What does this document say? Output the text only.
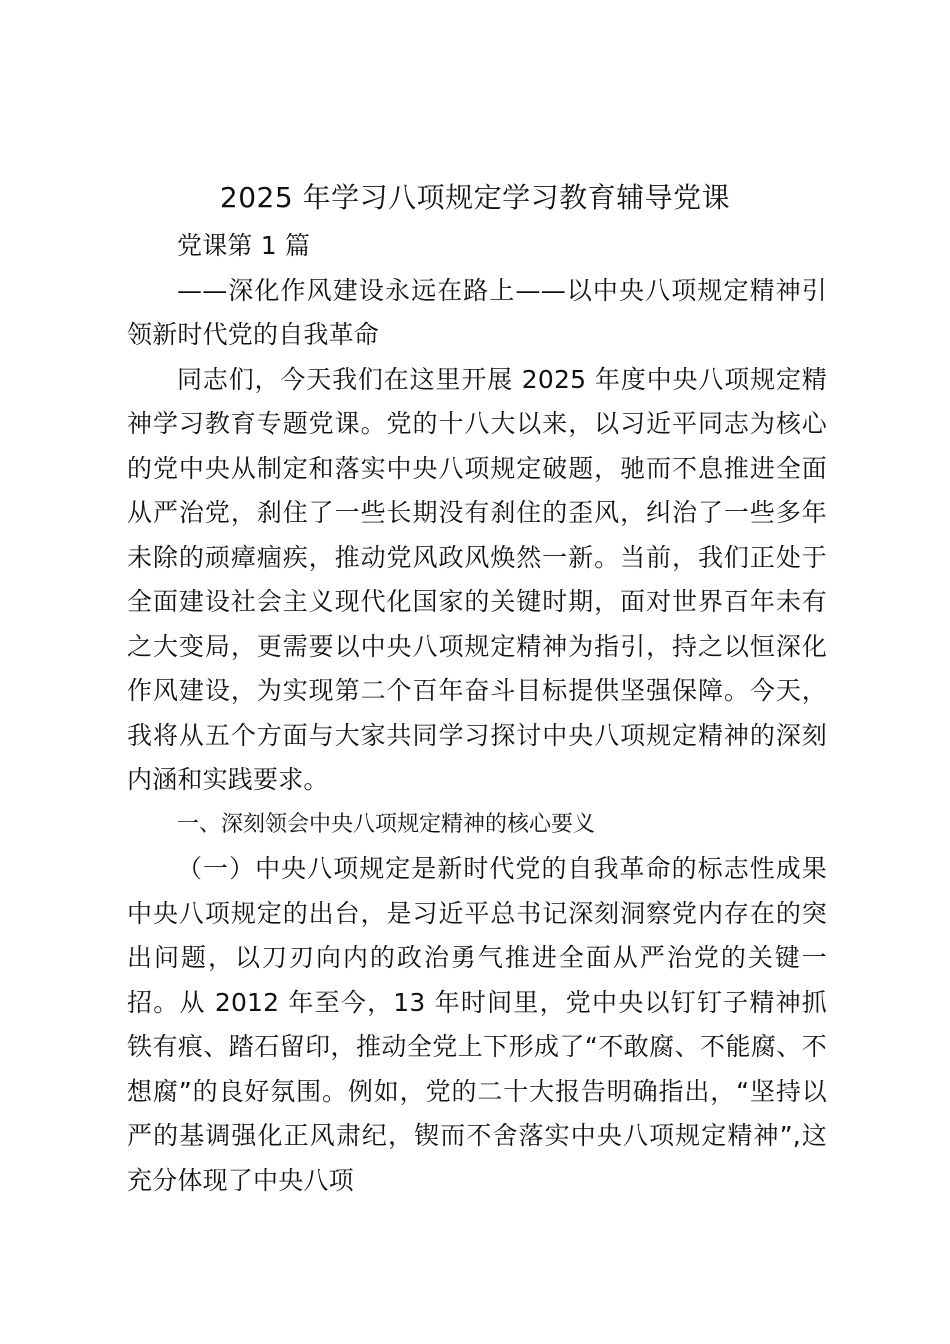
2025 年学习八项规定学习教育辅导党课

党课第 1 篇

——深化作风建设永远在路上——以中央八项规定精神引领新时代党的自我革命

同志们，今天我们在这里开展 2025 年度中央八项规定精神学习教育专题党课。党的十八大以来，以习近平同志为核心的党中央从制定和落实中央八项规定破题，驰而不息推进全面从严治党，刹住了一些长期没有刹住的歪风，纠治了一些多年未除的顽瘴痼疾，推动党风政风焕然一新。当前，我们正处于全面建设社会主义现代化国家的关键时期，面对世界百年未有之大变局，更需要以中央八项规定精神为指引，持之以恒深化作风建设，为实现第二个百年奋斗目标提供坚强保障。今天，我将从五个方面与大家共同学习探讨中央八项规定精神的深刻内涵和实践要求。

一、深刻领会中央八项规定精神的核心要义

（一）中央八项规定是新时代党的自我革命的标志性成果中央八项规定的出台，是习近平总书记深刻洞察党内存在的突出问题，以刀刃向内的政治勇气推进全面从严治党的关键一招。从 2012 年至今，13 年时间里，党中央以钉钉子精神抓铁有痕、踏石留印，推动全党上下形成了“不敢腐、不能腐、不想腐”的良好氛围。例如，党的二十大报告明确指出，“坚持以严的基调强化正风肃纪，锲而不舍落实中央八项规定精神”,这充分体现了中央八项
